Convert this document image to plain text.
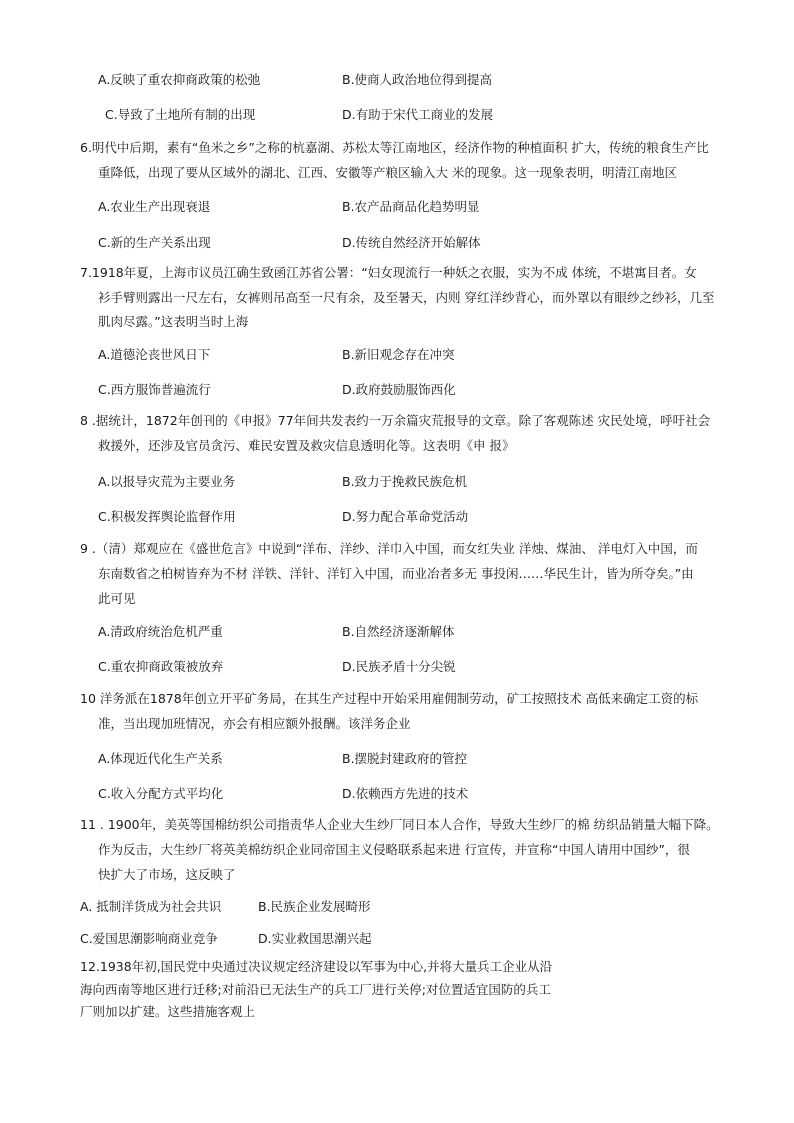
A.反映了重农抑商政策的松弛	B.使商人政治地位得到提高
C.导致了土地所有制的出现	D.有助于宋代工商业的发展
6.明代中后期，素有“鱼米之乡”之称的杭嘉湖、苏松太等江南地区，经济作物的种植面积 扩大，传统的粮食生产比
重降低，出现了要从区域外的湖北、江西、安徽等产粮区输入大 米的现象。这一现象表明，明清江南地区
A.农业生产出现衰退	B.农产品商品化趋势明显
C.新的生产关系出现	D.传统自然经济开始解体
7.1918年夏，上海市议员江确生致函江苏省公署：“妇女现流行一种妖之衣服，实为不成 体统，不堪寓目者。女
衫手臂则露出一尺左右，女裤则吊高至一尺有余，及至暑天，内则 穿红洋纱背心，而外罩以有眼纱之纱衫，几至
肌肉尽露。”这表明当时上海
A.道德沦丧世风日下	B.新旧观念存在冲突
C.西方服饰普遍流行	D.政府鼓励服饰西化
8 .据统计，1872年创刊的《申报》77年间共发表约一万余篇灾荒报导的文章。除了客观陈述 灾民处境，呼吁社会
救援外，还涉及官员贪污、难民安置及救灾信息透明化等。这表明《申 报》
A.以报导灾荒为主要业务	B.致力于挽救民族危机
C.积极发挥舆论监督作用	D.努力配合革命党活动
9 .（清）郑观应在《盛世危言》中说到“洋布、洋纱、洋巾入中国，而女红失业 洋烛、煤油、 洋电灯入中国，而
东南数省之柏树皆弃为不材 洋铁、洋针、洋钉入中国，而业冶者多无 事投闲……华民生计，皆为所夺矣。”由
此可见
A.清政府统治危机严重	B.自然经济逐渐解体
C.重农抑商政策被放弃	D.民族矛盾十分尖锐
10 洋务派在1878年创立开平矿务局，在其生产过程中开始采用雇佣制劳动，矿工按照技术 高低来确定工资的标
准，当出现加班情况，亦会有相应额外报酬。该洋务企业
A.体现近代化生产关系	B.摆脱封建政府的管控
C.收入分配方式平均化	D.依赖西方先进的技术
11 . 1900年，美英等国棉纺织公司指责华人企业大生纱厂同日本人合作，导致大生纱厂的棉 纺织品销量大幅下降。
作为反击，大生纱厂将英美棉纺织企业同帝国主义侵略联系起来进 行宣传，并宣称“中国人请用中国纱”，很
快扩大了市场，这反映了
A. 抵制洋货成为社会共识	B.民族企业发展畸形
C.爱国思潮影响商业竞争	D.实业救国思潮兴起
12.1938年初,国民党中央通过决议规定经济建设以军事为中心,并将大量兵工企业从沿
海向西南等地区进行迁移;对前沿已无法生产的兵工厂进行关停;对位置适宜国防的兵工
厂则加以扩建。这些措施客观上
